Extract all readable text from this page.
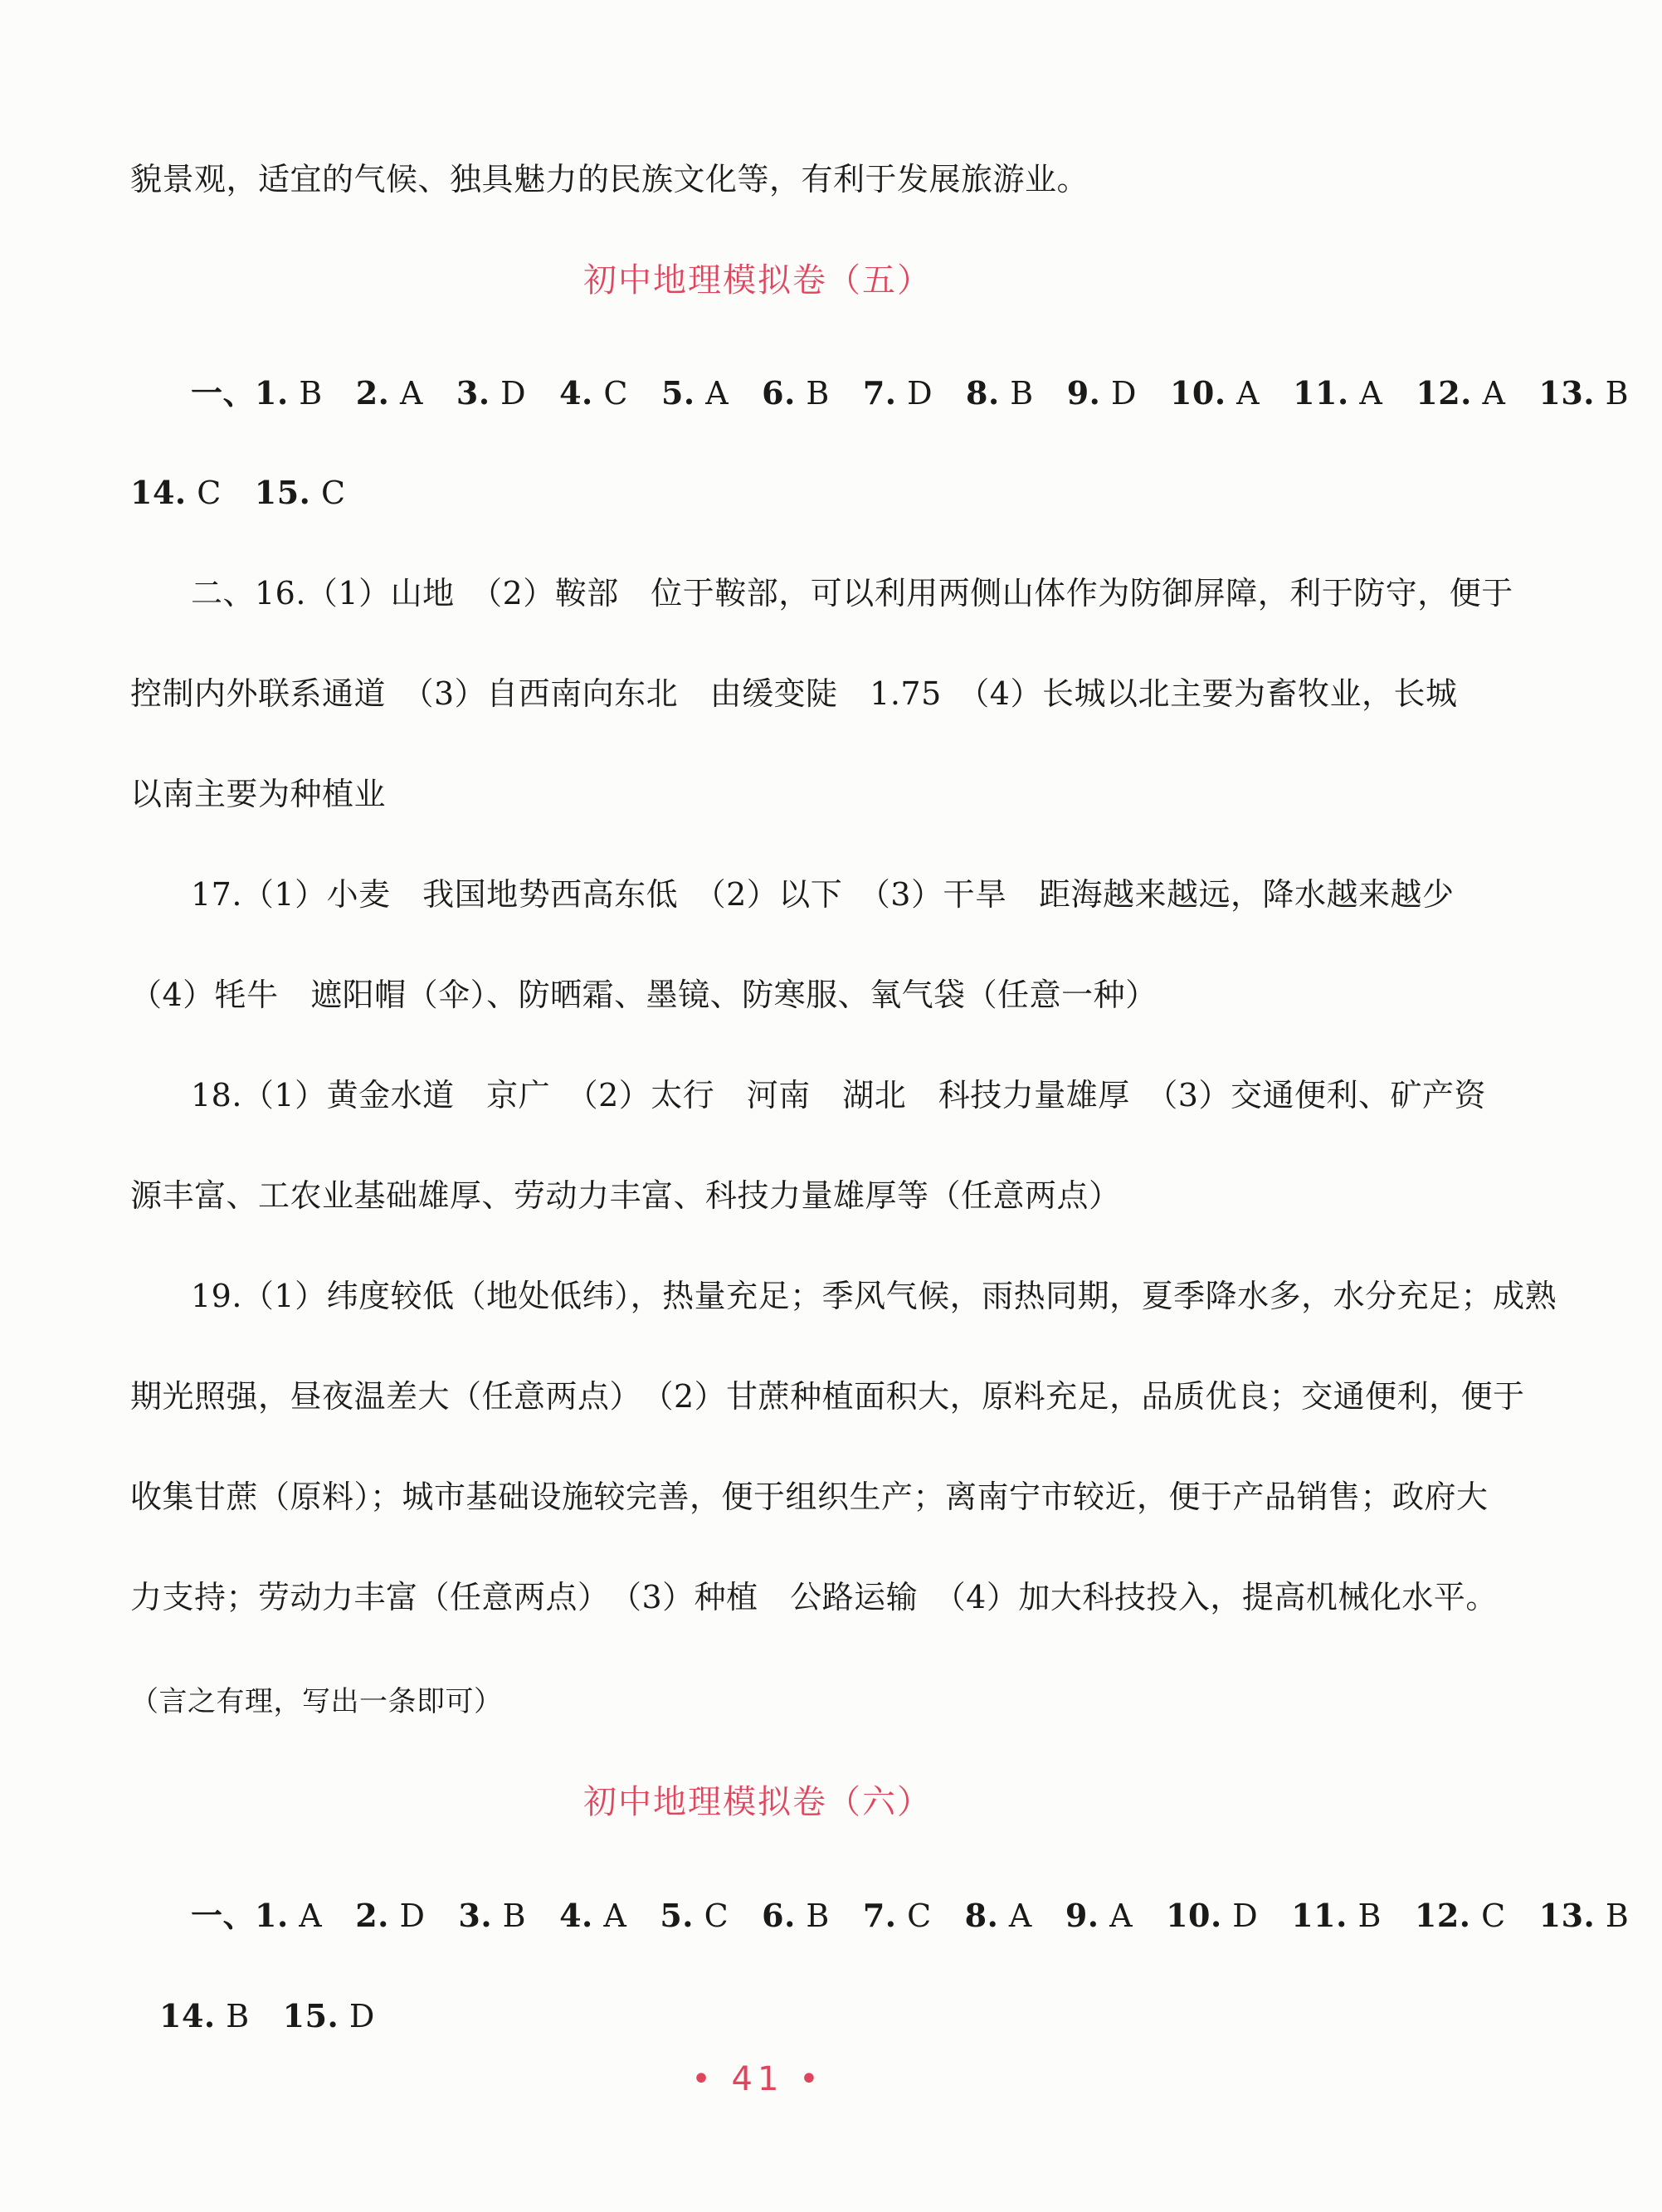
貌景观，适宜的气候、独具魅力的民族文化等，有利于发展旅游业。
初中地理模拟卷（五）
一、1. B 2. A 3. D 4. C 5. A 6. B 7. D 8. B 9. D 10. A 11. A 12. A 13. B
14. C 15. C
二、16.（1）山地　（2）鞍部　位于鞍部，可以利用两侧山体作为防御屏障，利于防守，便于
控制内外联系通道　（3）自西南向东北　由缓变陡　1.75　（4）长城以北主要为畜牧业，长城
以南主要为种植业
17.（1）小麦　我国地势西高东低　（2）以下　（3）干旱　距海越来越远，降水越来越少
（4）牦牛　遮阳帽（伞）、防晒霜、墨镜、防寒服、氧气袋（任意一种）
18.（1）黄金水道　京广　（2）太行　河南　湖北　科技力量雄厚　（3）交通便利、矿产资
源丰富、工农业基础雄厚、劳动力丰富、科技力量雄厚等（任意两点）
19.（1）纬度较低（地处低纬），热量充足；季风气候，雨热同期，夏季降水多，水分充足；成熟
期光照强，昼夜温差大（任意两点）　（2）甘蔗种植面积大，原料充足，品质优良；交通便利，便于
收集甘蔗（原料）；城市基础设施较完善，便于组织生产；离南宁市较近，便于产品销售；政府大
力支持；劳动力丰富（任意两点）　（3）种植　公路运输　（4）加大科技投入，提高机械化水平。
（言之有理，写出一条即可）
初中地理模拟卷（六）
一、1. A 2. D 3. B 4. A 5. C 6. B 7. C 8. A 9. A 10. D 11. B 12. C 13. B
14. B 15. D
• 41 •
